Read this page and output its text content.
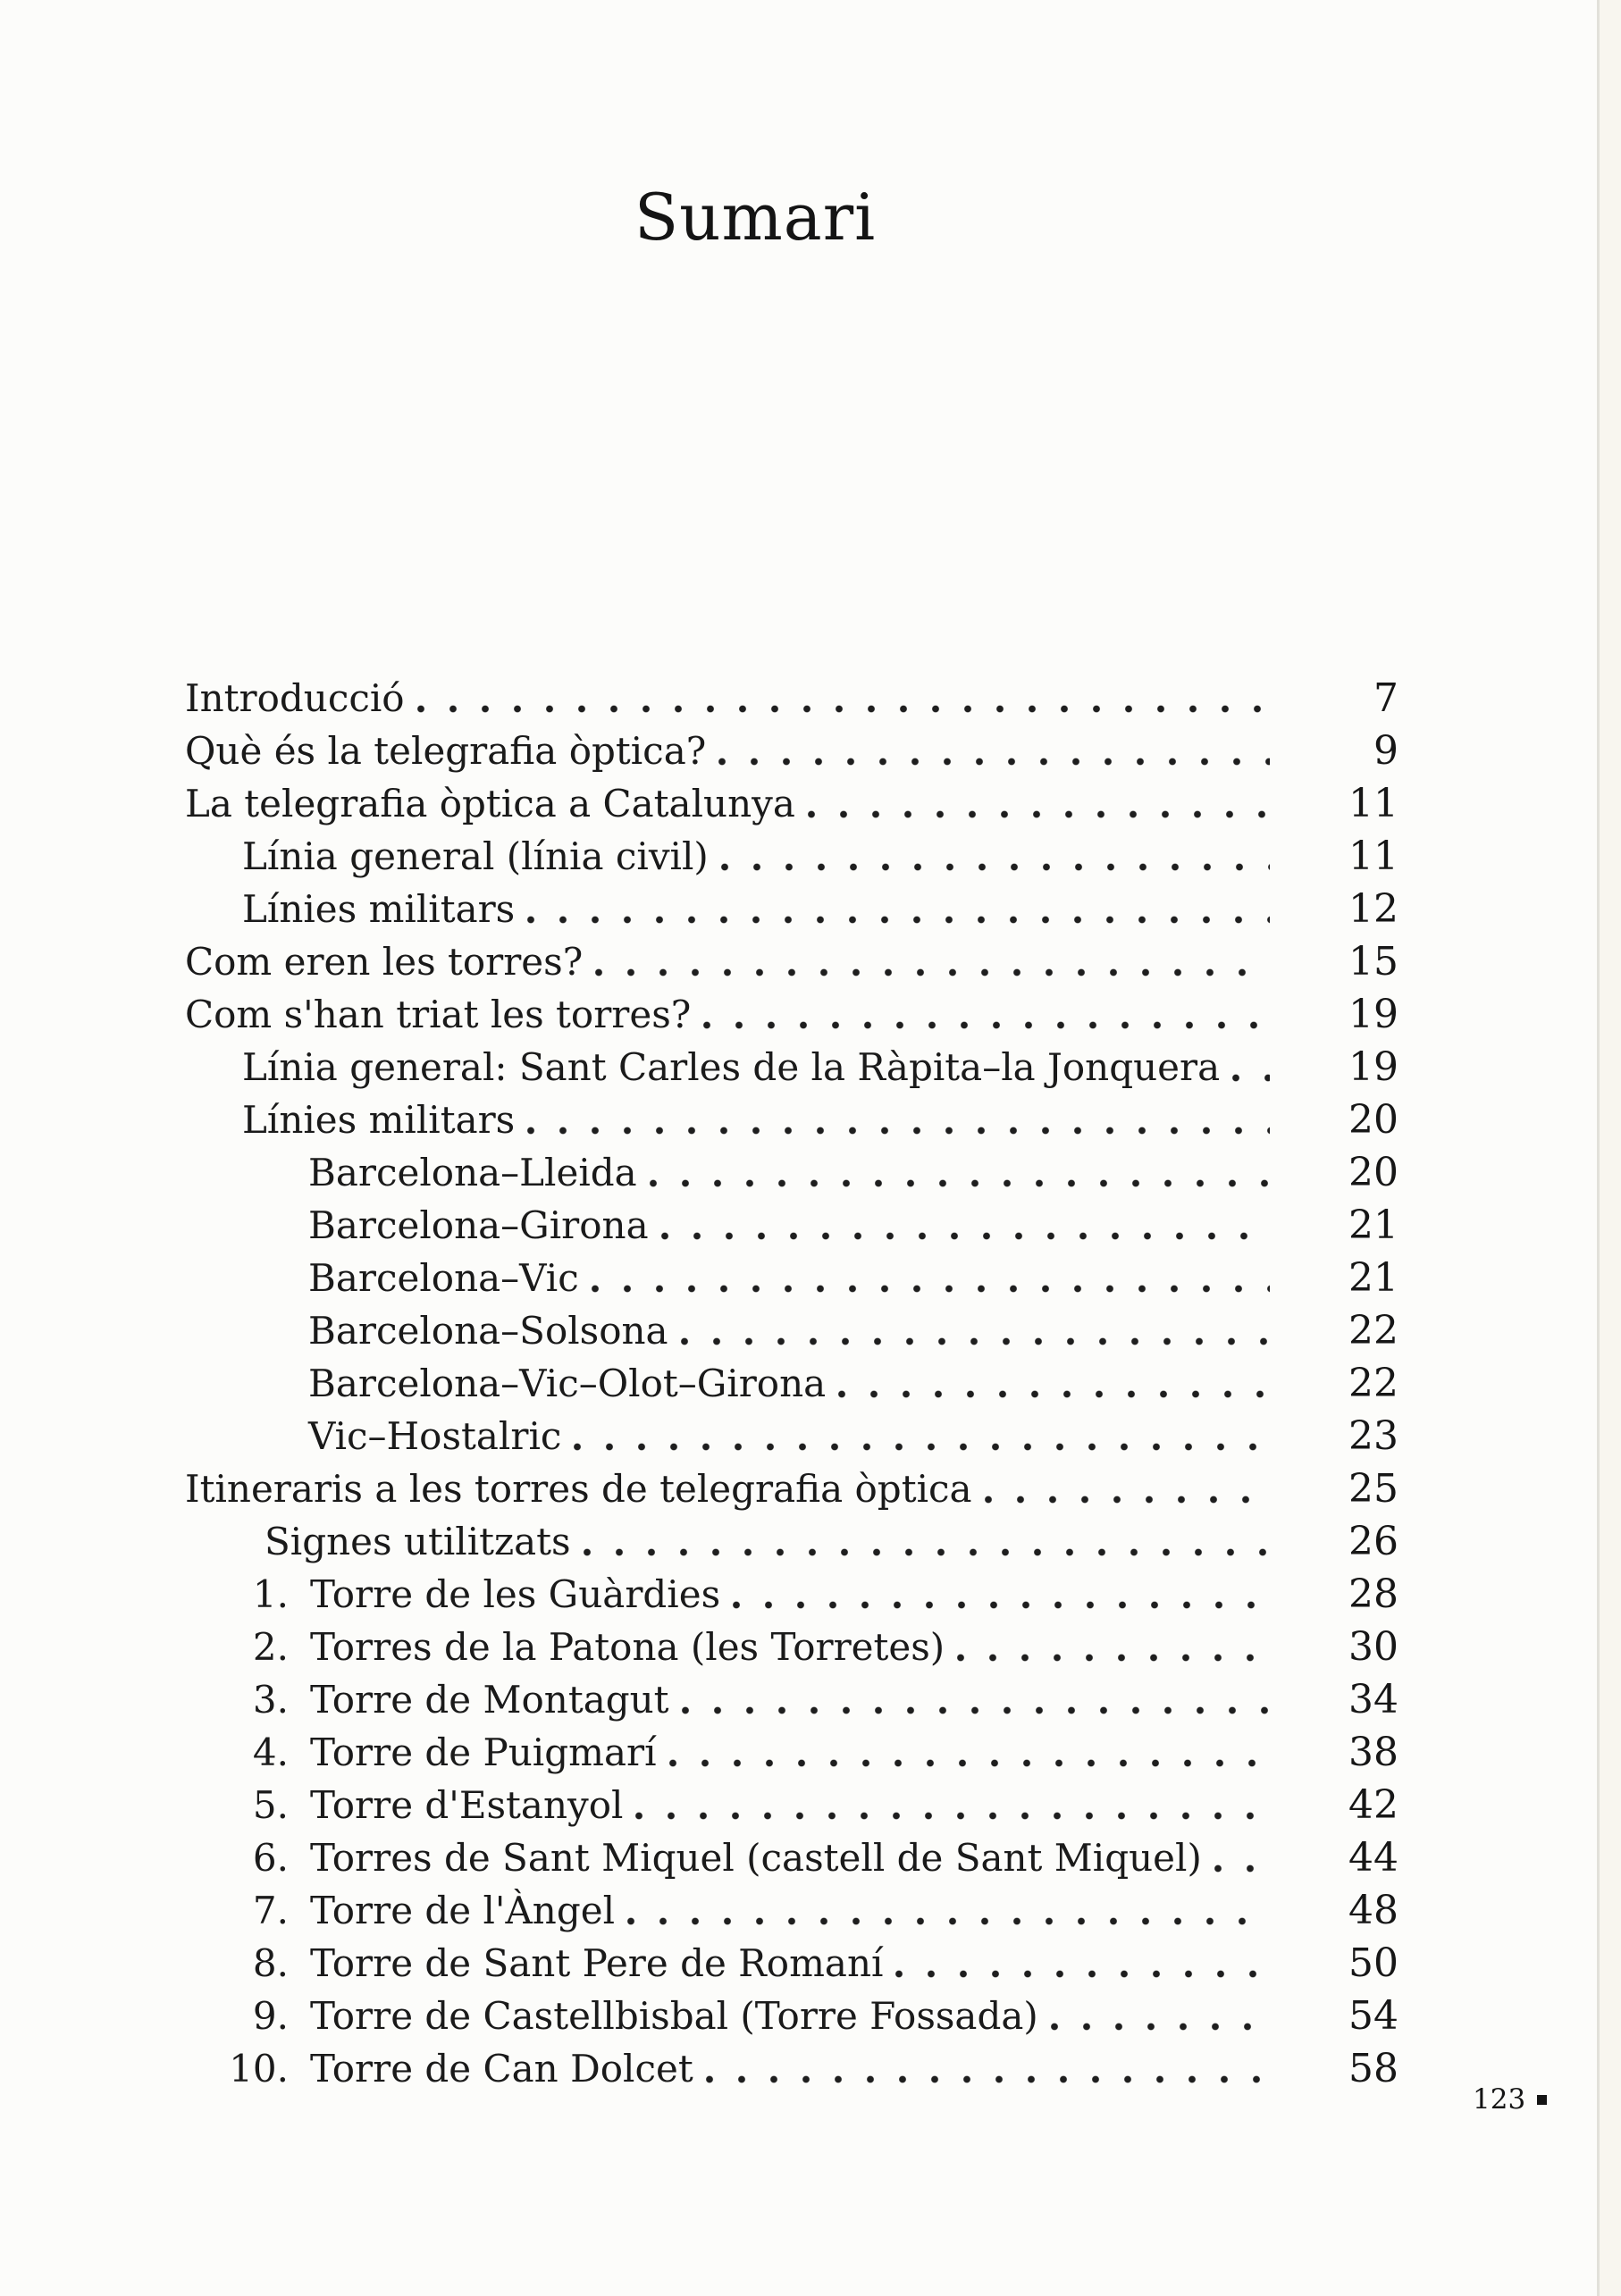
Sumari
Introducció	7
Què és la telegrafia òptica?	9
La telegrafia òptica a Catalunya	11
Línia general (línia civil)	11
Línies militars	12
Com eren les torres?	15
Com s'han triat les torres?	19
Línia general: Sant Carles de la Ràpita–la Jonquera	19
Línies militars	20
Barcelona–Lleida	20
Barcelona–Girona	21
Barcelona–Vic	21
Barcelona–Solsona	22
Barcelona–Vic–Olot–Girona	22
Vic–Hostalric	23
Itineraris a les torres de telegrafia òptica	25
Signes utilitzats	26
1. Torre de les Guàrdies	28
2. Torres de la Patona (les Torretes)	30
3. Torre de Montagut	34
4. Torre de Puigmarí	38
5. Torre d'Estanyol	42
6. Torres de Sant Miquel (castell de Sant Miquel)	44
7. Torre de l'Àngel	48
8. Torre de Sant Pere de Romaní	50
9. Torre de Castellbisbal (Torre Fossada)	54
10. Torre de Can Dolcet	58
123
